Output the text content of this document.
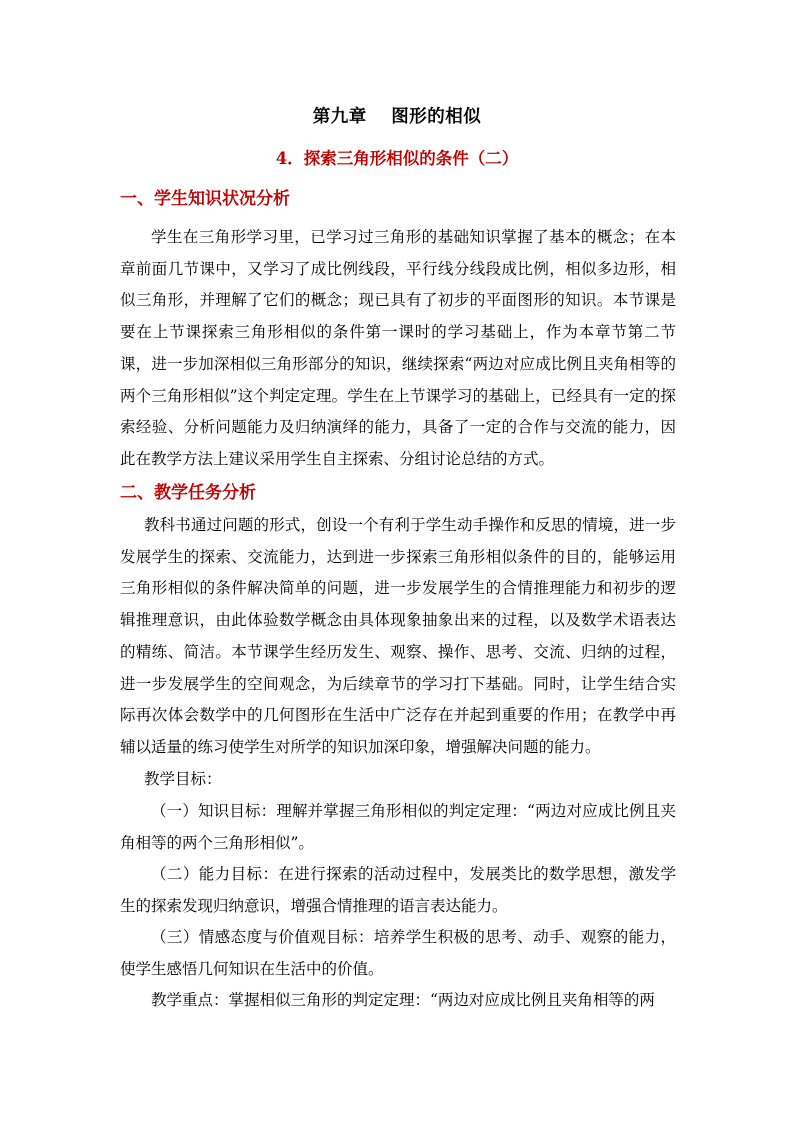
第九章　 图形的相似
4．探索三角形相似的条件（二）
一、学生知识状况分析

学生在三角形学习里，已学习过三角形的基础知识掌握了基本的概念；在本章前面几节课中，又学习了成比例线段，平行线分线段成比例，相似多边形，相似三角形，并理解了它们的概念；现已具有了初步的平面图形的知识。本节课是要在上节课探索三角形相似的条件第一课时的学习基础上，作为本章节第二节课，进一步加深相似三角形部分的知识，继续探索“两边对应成比例且夹角相等的两个三角形相似”这个判定定理。学生在上节课学习的基础上，已经具有一定的探索经验、分析问题能力及归纳演绎的能力，具备了一定的合作与交流的能力，因此在教学方法上建议采用学生自主探索、分组讨论总结的方式。

二、教学任务分析

教科书通过问题的形式，创设一个有利于学生动手操作和反思的情境，进一步发展学生的探索、交流能力，达到进一步探索三角形相似条件的目的，能够运用三角形相似的条件解决简单的问题，进一步发展学生的合情推理能力和初步的逻辑推理意识，由此体验数学概念由具体现象抽象出来的过程，以及数学术语表达的精练、简洁。本节课学生经历发生、观察、操作、思考、交流、归纳的过程，进一步发展学生的空间观念，为后续章节的学习打下基础。同时，让学生结合实际再次体会数学中的几何图形在生活中广泛存在并起到重要的作用；在教学中再辅以适量的练习使学生对所学的知识加深印象，增强解决问题的能力。

教学目标：

（一）知识目标：理解并掌握三角形相似的判定定理：“两边对应成比例且夹角相等的两个三角形相似”。

（二）能力目标：在进行探索的活动过程中，发展类比的数学思想，激发学生的探索发现归纳意识，增强合情推理的语言表达能力。

（三）情感态度与价值观目标：培养学生积极的思考、动手、观察的能力，使学生感悟几何知识在生活中的价值。

教学重点：掌握相似三角形的判定定理：“两边对应成比例且夹角相等的两
